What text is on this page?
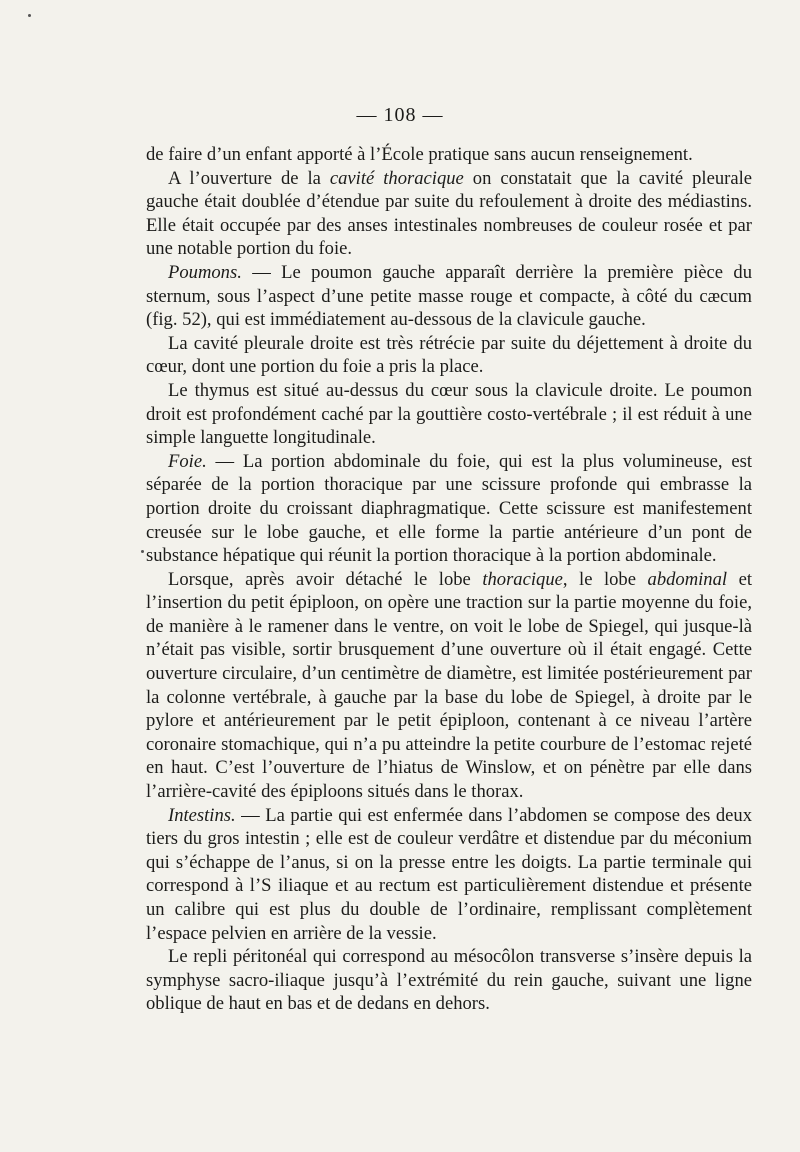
— 108 —

de faire d’un enfant apporté à l’École pratique sans aucun renseignement.

A l’ouverture de la cavité thoracique on constatait que la cavité pleurale gauche était doublée d’étendue par suite du refoulement à droite des médiastins. Elle était occupée par des anses intestinales nombreuses de couleur rosée et par une notable portion du foie.

Poumons. — Le poumon gauche apparaît derrière la première pièce du sternum, sous l’aspect d’une petite masse rouge et compacte, à côté du cæcum (fig. 52), qui est immédiatement au-dessous de la clavicule gauche.

La cavité pleurale droite est très rétrécie par suite du déjettement à droite du cœur, dont une portion du foie a pris la place.

Le thymus est situé au-dessus du cœur sous la clavicule droite. Le poumon droit est profondément caché par la gouttière costo-vertébrale ; il est réduit à une simple languette longitudinale.

Foie. — La portion abdominale du foie, qui est la plus volumineuse, est séparée de la portion thoracique par une scissure profonde qui embrasse la portion droite du croissant diaphragmatique. Cette scissure est manifestement creusée sur le lobe gauche, et elle forme la partie antérieure d’un pont de substance hépatique qui réunit la portion thoracique à la portion abdominale.

Lorsque, après avoir détaché le lobe thoracique, le lobe abdominal et l’insertion du petit épiploon, on opère une traction sur la partie moyenne du foie, de manière à le ramener dans le ventre, on voit le lobe de Spiegel, qui jusque-là n’était pas visible, sortir brusquement d’une ouverture où il était engagé. Cette ouverture circulaire, d’un centimètre de diamètre, est limitée postérieurement par la colonne vertébrale, à gauche par la base du lobe de Spiegel, à droite par le pylore et antérieurement par le petit épiploon, contenant à ce niveau l’artère coronaire stomachique, qui n’a pu atteindre la petite courbure de l’estomac rejeté en haut. C’est l’ouverture de l’hiatus de Winslow, et on pénètre par elle dans l’arrière-cavité des épiploons situés dans le thorax.

Intestins. — La partie qui est enfermée dans l’abdomen se compose des deux tiers du gros intestin ; elle est de couleur verdâtre et distendue par du méconium qui s’échappe de l’anus, si on la presse entre les doigts. La partie terminale qui correspond à l’S iliaque et au rectum est particulièrement distendue et présente un calibre qui est plus du double de l’ordinaire, remplissant complètement l’espace pelvien en arrière de la vessie.

Le repli péritonéal qui correspond au mésocôlon transverse s’insère depuis la symphyse sacro-iliaque jusqu’à l’extrémité du rein gauche, suivant une ligne oblique de haut en bas et de dedans en dehors.
